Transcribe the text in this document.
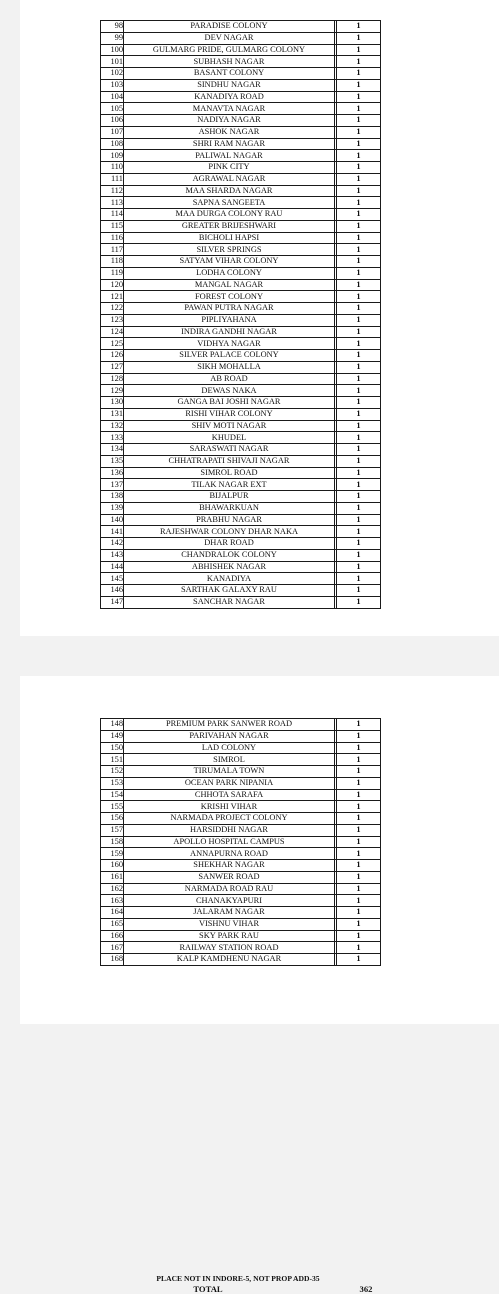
98	PARADISE COLONY		1
99	DEV NAGAR		1
100	GULMARG PRIDE, GULMARG COLONY		1
101	SUBHASH NAGAR		1
102	BASANT COLONY		1
103	SINDHU NAGAR		1
104	KANADIYA ROAD		1
105	MANAVTA NAGAR		1
106	NADIYA NAGAR		1
107	ASHOK NAGAR		1
108	SHRI RAM NAGAR		1
109	PALIWAL NAGAR		1
110	PINK CITY		1
111	AGRAWAL NAGAR		1
112	MAA SHARDA NAGAR		1
113	SAPNA SANGEETA		1
114	MAA DURGA COLONY RAU		1
115	GREATER BRIJESHWARI		1
116	BICHOLI HAPSI		1
117	SILVER SPRINGS		1
118	SATYAM VIHAR COLONY		1
119	LODHA COLONY		1
120	MANGAL NAGAR		1
121	FOREST COLONY		1
122	PAWAN PUTRA NAGAR		1
123	PIPLIYAHANA		1
124	INDIRA GANDHI NAGAR		1
125	VIDHYA NAGAR		1
126	SILVER PALACE COLONY		1
127	SIKH MOHALLA		1
128	AB ROAD		1
129	DEWAS NAKA		1
130	GANGA BAI JOSHI NAGAR		1
131	RISHI VIHAR COLONY		1
132	SHIV MOTI NAGAR		1
133	KHUDEL		1
134	SARASWATI NAGAR		1
135	CHHATRAPATI SHIVAJI NAGAR		1
136	SIMROL ROAD		1
137	TILAK NAGAR EXT		1
138	BIJALPUR		1
139	BHAWARKUAN		1
140	PRABHU NAGAR		1
141	RAJESHWAR COLONY DHAR NAKA		1
142	DHAR ROAD		1
143	CHANDRALOK COLONY		1
144	ABHISHEK NAGAR		1
145	KANADIYA		1
146	SARTHAK GALAXY RAU		1
147	SANCHAR NAGAR		1
148	PREMIUM PARK SANWER ROAD		1
149	PARIVAHAN NAGAR		1
150	LAD COLONY		1
151	SIMROL		1
152	TIRUMALA TOWN		1
153	OCEAN PARK NIPANIA		1
154	CHHOTA SARAFA		1
155	KRISHI VIHAR		1
156	NARMADA PROJECT COLONY		1
157	HARSIDDHI NAGAR		1
158	APOLLO HOSPITAL CAMPUS		1
159	ANNAPURNA ROAD		1
160	SHEKHAR NAGAR		1
161	SANWER ROAD		1
162	NARMADA ROAD RAU		1
163	CHANAKYAPURI		1
164	JALARAM NAGAR		1
165	VISHNU VIHAR		1
166	SKY PARK RAU		1
167	RAILWAY STATION ROAD		1
168	KALP KAMDHENU NAGAR		1
PLACE NOT IN INDORE-5, NOT PROP ADD-35
TOTAL	362
